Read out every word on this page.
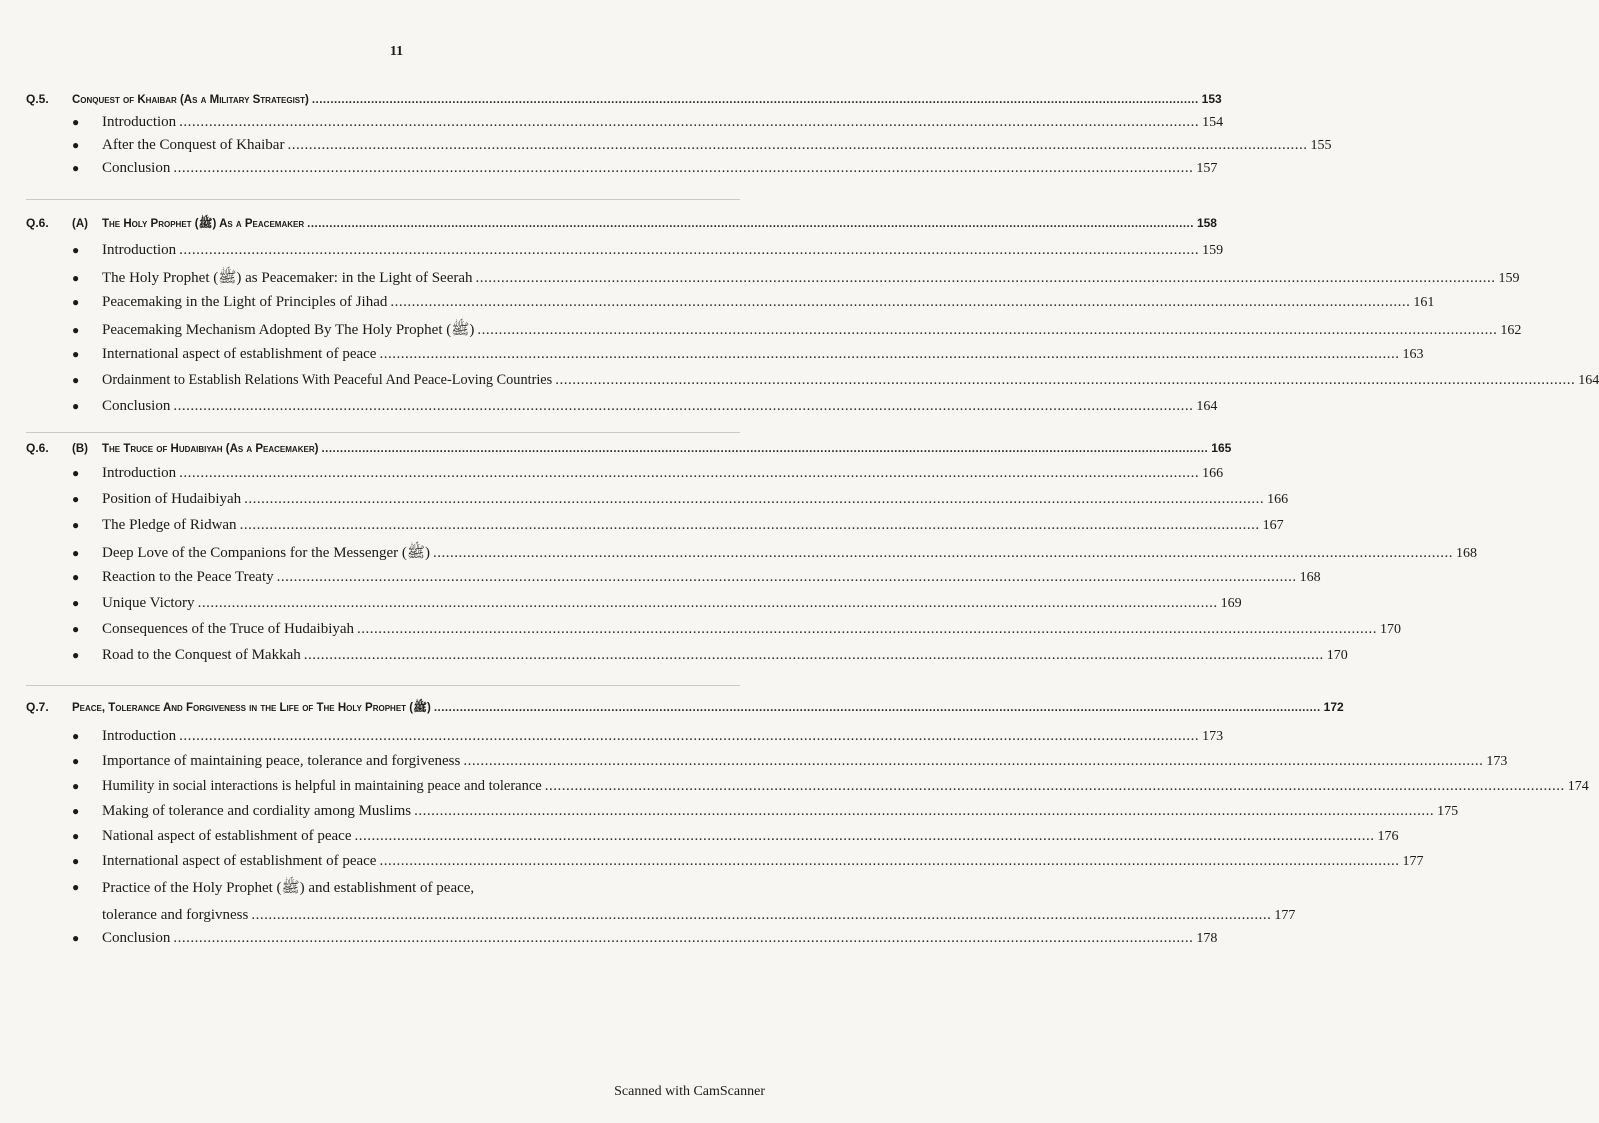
11
Q.5.	Conquest of Khaibar (As a Military Strategist) .....	153
●	Introduction .....	154
●	After the Conquest of Khaibar .....	155
●	Conclusion .....	157
Q.6.	(A)	The Holy Prophet (ﷺ) As a Peacemaker .....	158
●	Introduction .....	159
●	The Holy Prophet (ﷺ) as Peacemaker: in the Light of Seerah .....	159
●	Peacemaking in the Light of Principles of Jihad .....	161
●	Peacemaking Mechanism Adopted By The Holy Prophet (ﷺ) .....	162
●	International aspect of establishment of peace .....	163
●	Ordainment to Establish Relations With Peaceful And Peace-Loving Countries .....	164
●	Conclusion .....	164
Q.6.	(B)	The Truce of Hudaibiyah (As a Peacemaker) .....	165
●	Introduction .....	166
●	Position of Hudaibiyah .....	166
●	The Pledge of Ridwan .....	167
●	Deep Love of the Companions for the Messenger (ﷺ) .....	168
●	Reaction to the Peace Treaty .....	168
●	Unique Victory .....	169
●	Consequences of the Truce of Hudaibiyah .....	170
●	Road to the Conquest of Makkah .....	170
Q.7.	Peace, Tolerance And Forgiveness in the Life of The Holy Prophet (ﷺ) .....	172
●	Introduction .....	173
●	Importance of maintaining peace, tolerance and forgiveness .....	173
●	Humility in social interactions is helpful in maintaining peace and tolerance .....	174
●	Making of tolerance and cordiality among Muslims .....	175
●	National aspect of establishment of peace .....	176
●	International aspect of establishment of peace .....	177
●	Practice of the Holy Prophet (ﷺ) and establishment of peace,
tolerance and forgivness .....	177
●	Conclusion .....	178
Scanned with CamScanner
